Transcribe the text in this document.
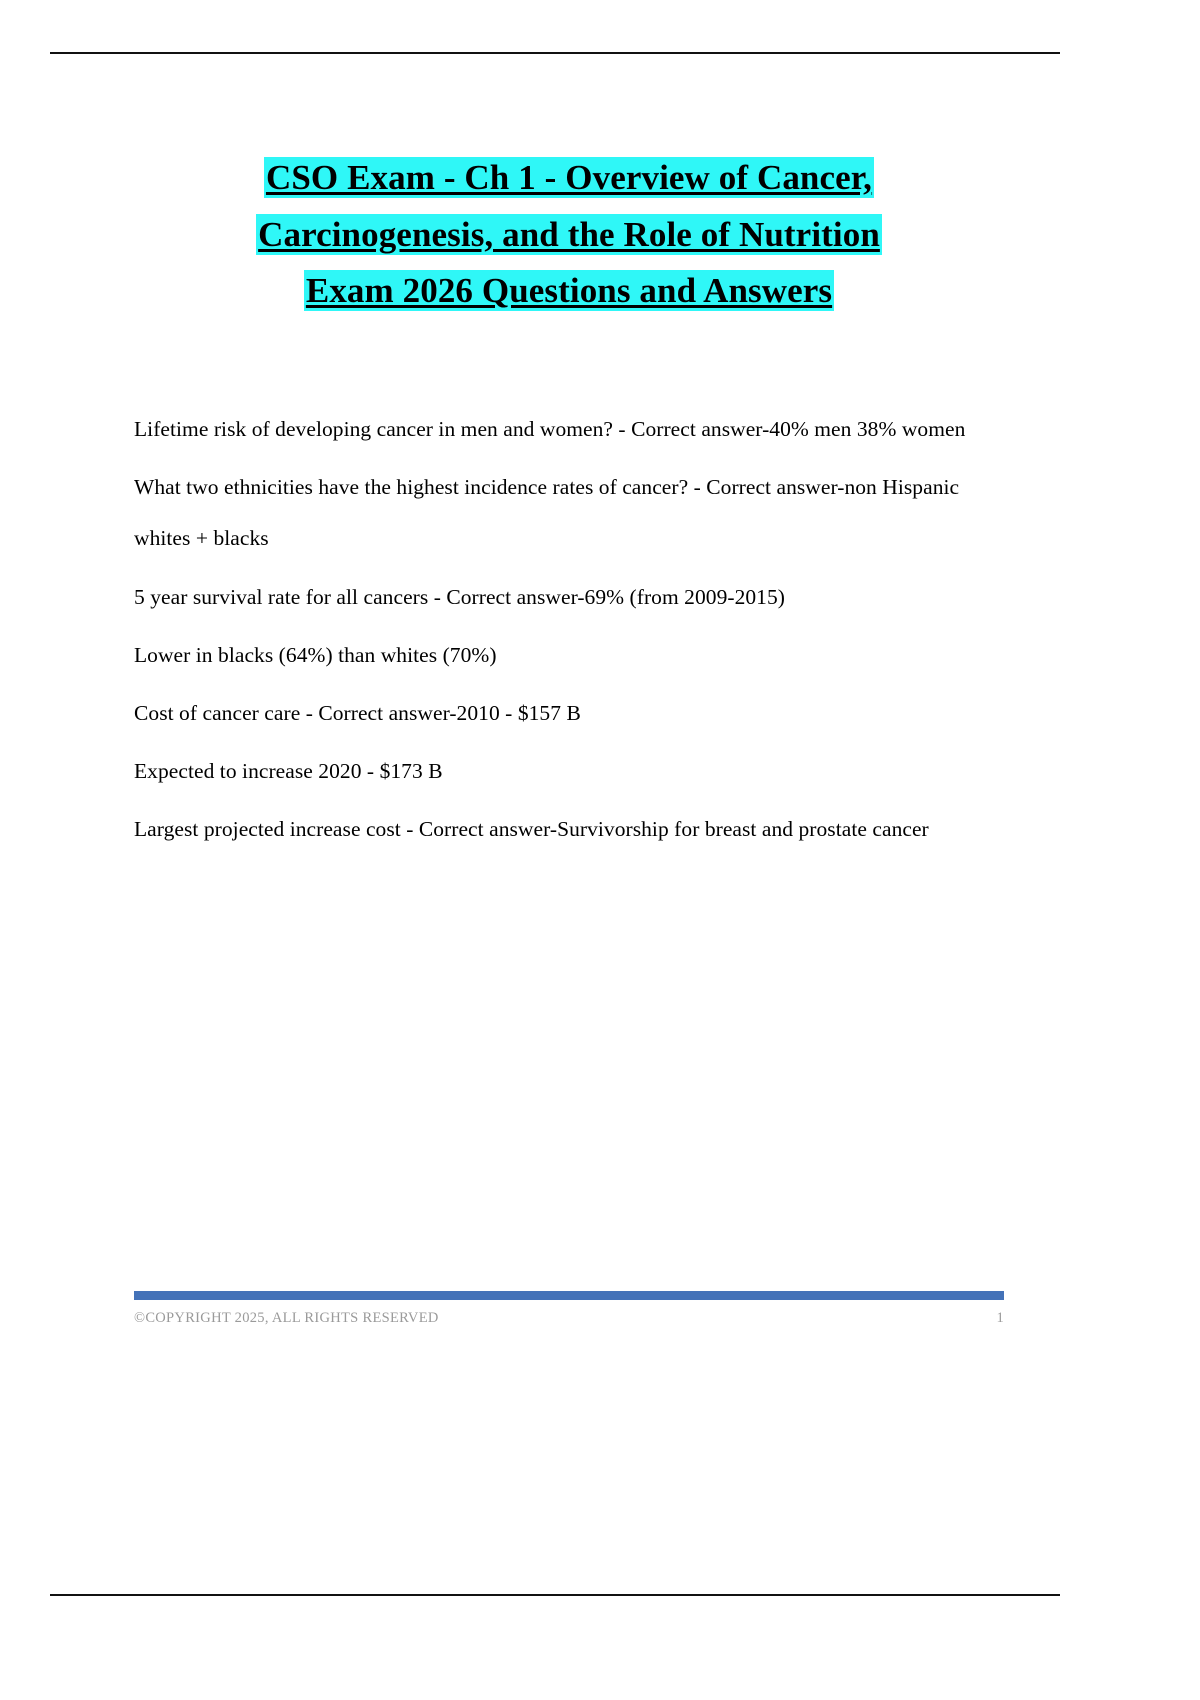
CSO Exam - Ch 1 - Overview of Cancer,
Carcinogenesis, and the Role of Nutrition
Exam 2026 Questions and Answers

Lifetime risk of developing cancer in men and women? - Correct answer-40% men 38% women

What two ethnicities have the highest incidence rates of cancer? - Correct answer-non Hispanic whites + blacks

5 year survival rate for all cancers - Correct answer-69% (from 2009-2015)

Lower in blacks (64%) than whites (70%)

Cost of cancer care - Correct answer-2010 - $157 B

Expected to increase 2020 - $173 B

Largest projected increase cost - Correct answer-Survivorship for breast and prostate cancer

©COPYRIGHT 2025, ALL RIGHTS RESERVED	1
